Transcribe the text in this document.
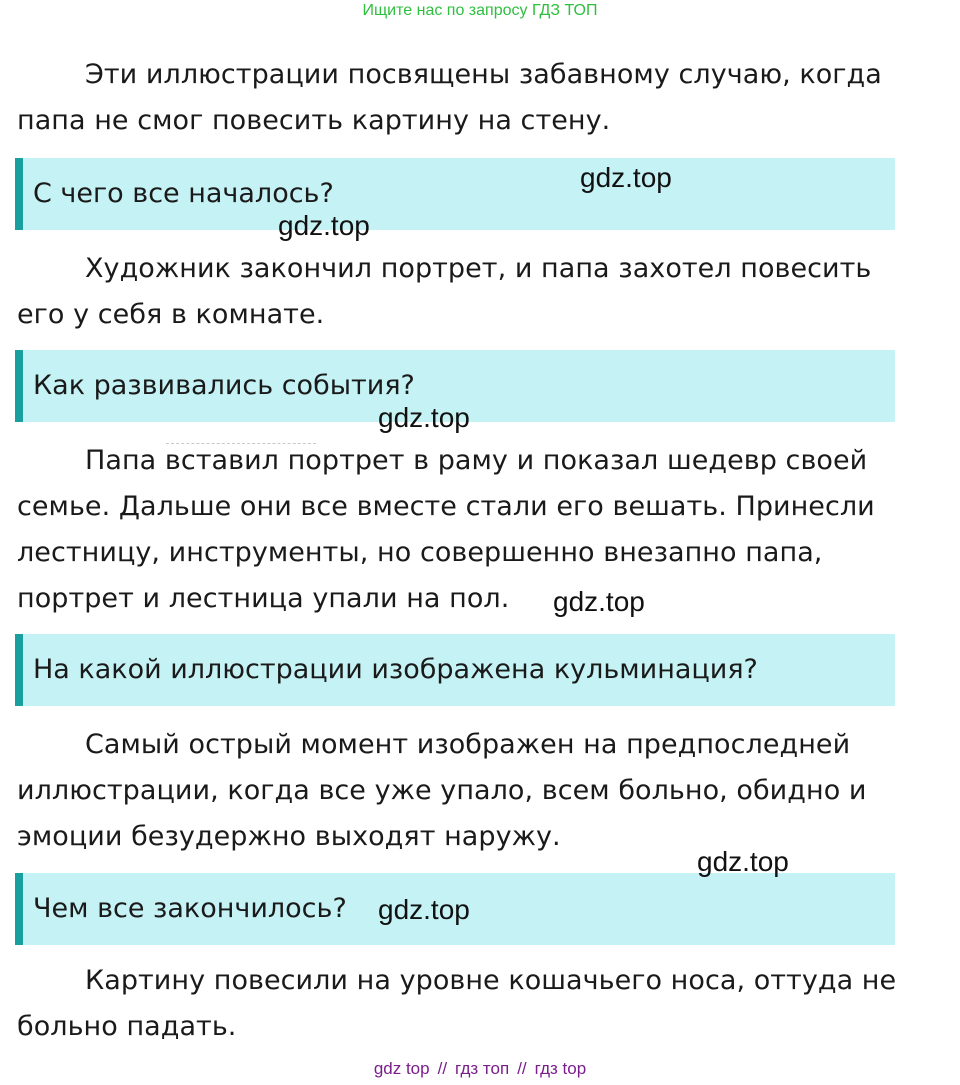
Ищите нас по запросу ГДЗ ТОП
Эти иллюстрации посвящены забавному случаю, когда
папа не смог повесить картину на стену.
С чего все началось?
Художник закончил портрет, и папа захотел повесить
его у себя в комнате.
Как развивались события?
Папа вставил портрет в раму и показал шедевр своей
семье. Дальше они все вместе стали его вешать. Принесли
лестницу, инструменты, но совершенно внезапно папа,
портрет и лестница упали на пол.
На какой иллюстрации изображена кульминация?
Самый острый момент изображен на предпоследней
иллюстрации, когда все уже упало, всем больно, обидно и
эмоции безудержно выходят наружу.
Чем все закончилось?
Картину повесили на уровне кошачьего носа, оттуда не
больно падать.
gdz.top
gdz.top
gdz.top
gdz.top
gdz.top
gdz.top
gdz top // гдз топ // гдз top
